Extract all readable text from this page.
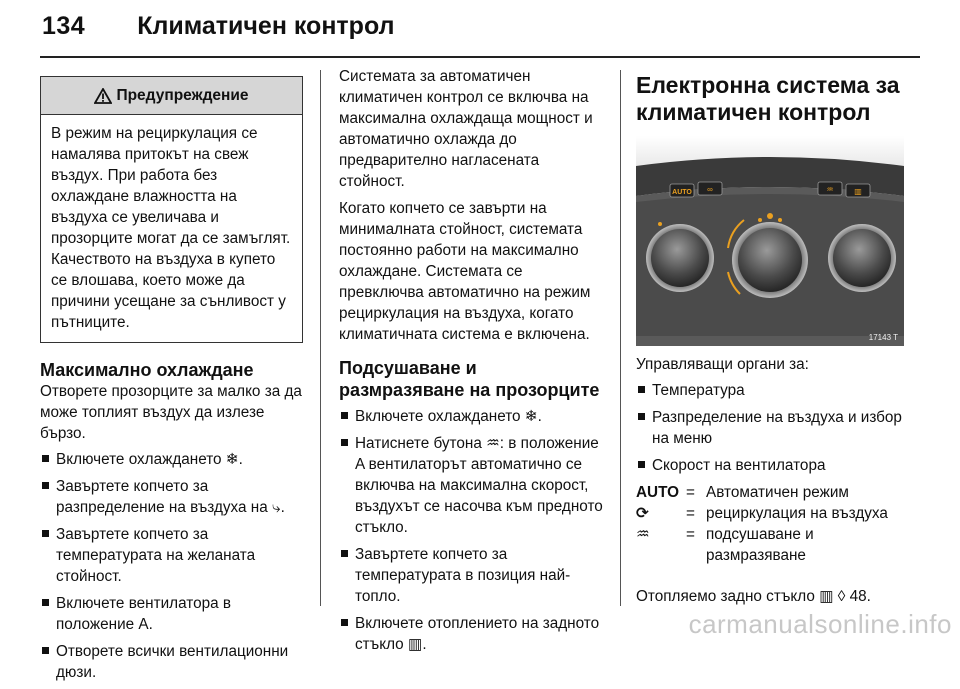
134 Климатичен контрол
Предупреждение
В режим на рециркулация се намалява притокът на свеж въздух. При работа без охлаждане влажността на въздуха се увеличава и прозорците могат да се замъглят. Качеството на въздуха в купето се влошава, което може да причини усещане за сънливост у пътниците.
Максимално охлаждане

Отворете прозорците за малко за да може топлият въздух да излезе бързо.

Включете охлаждането ❄.
Завъртете копчето за разпределение на въздуха на ⤷.
Завъртете копчето за температурата на желаната стойност.
Включете вентилатора в положение A.
Отворете всички вентилационни дюзи.

Системата за автоматичен климатичен контрол се включва на максимална охлаждаща мощност и автоматично охлажда до предварително нагласената стойност.

Когато копчето се завърти на минималната стойност, системата постоянно работи на максимално охлаждане. Системата се превключва автоматично на режим рециркулация на въздуха, когато климатичната система е включена.

Подсушаване и размразяване на прозорците
Включете охлаждането ❄.
Натиснете бутона ♒: в положение A вентилаторът автоматично се включва на максимална скорост, въздухът се насочва към предното стъкло.
Завъртете копчето за температурата в позиция най-топло.
Включете отоплението на задното стъкло ▥.
Електронна система за климатичен контрол
AUTO ∞	♒	▥
17143 T
Управляващи органи за:
Температура
Разпределение на въздуха и избор на меню
Скорост на вентилатора
AUTO	=	Автоматичен режим
⟳	=	рециркулация на въздуха
♒	=	подсушаване и размразяване
Отопляемо задно стъкло ▥ ◊ 48.
carmanualsonline.info
